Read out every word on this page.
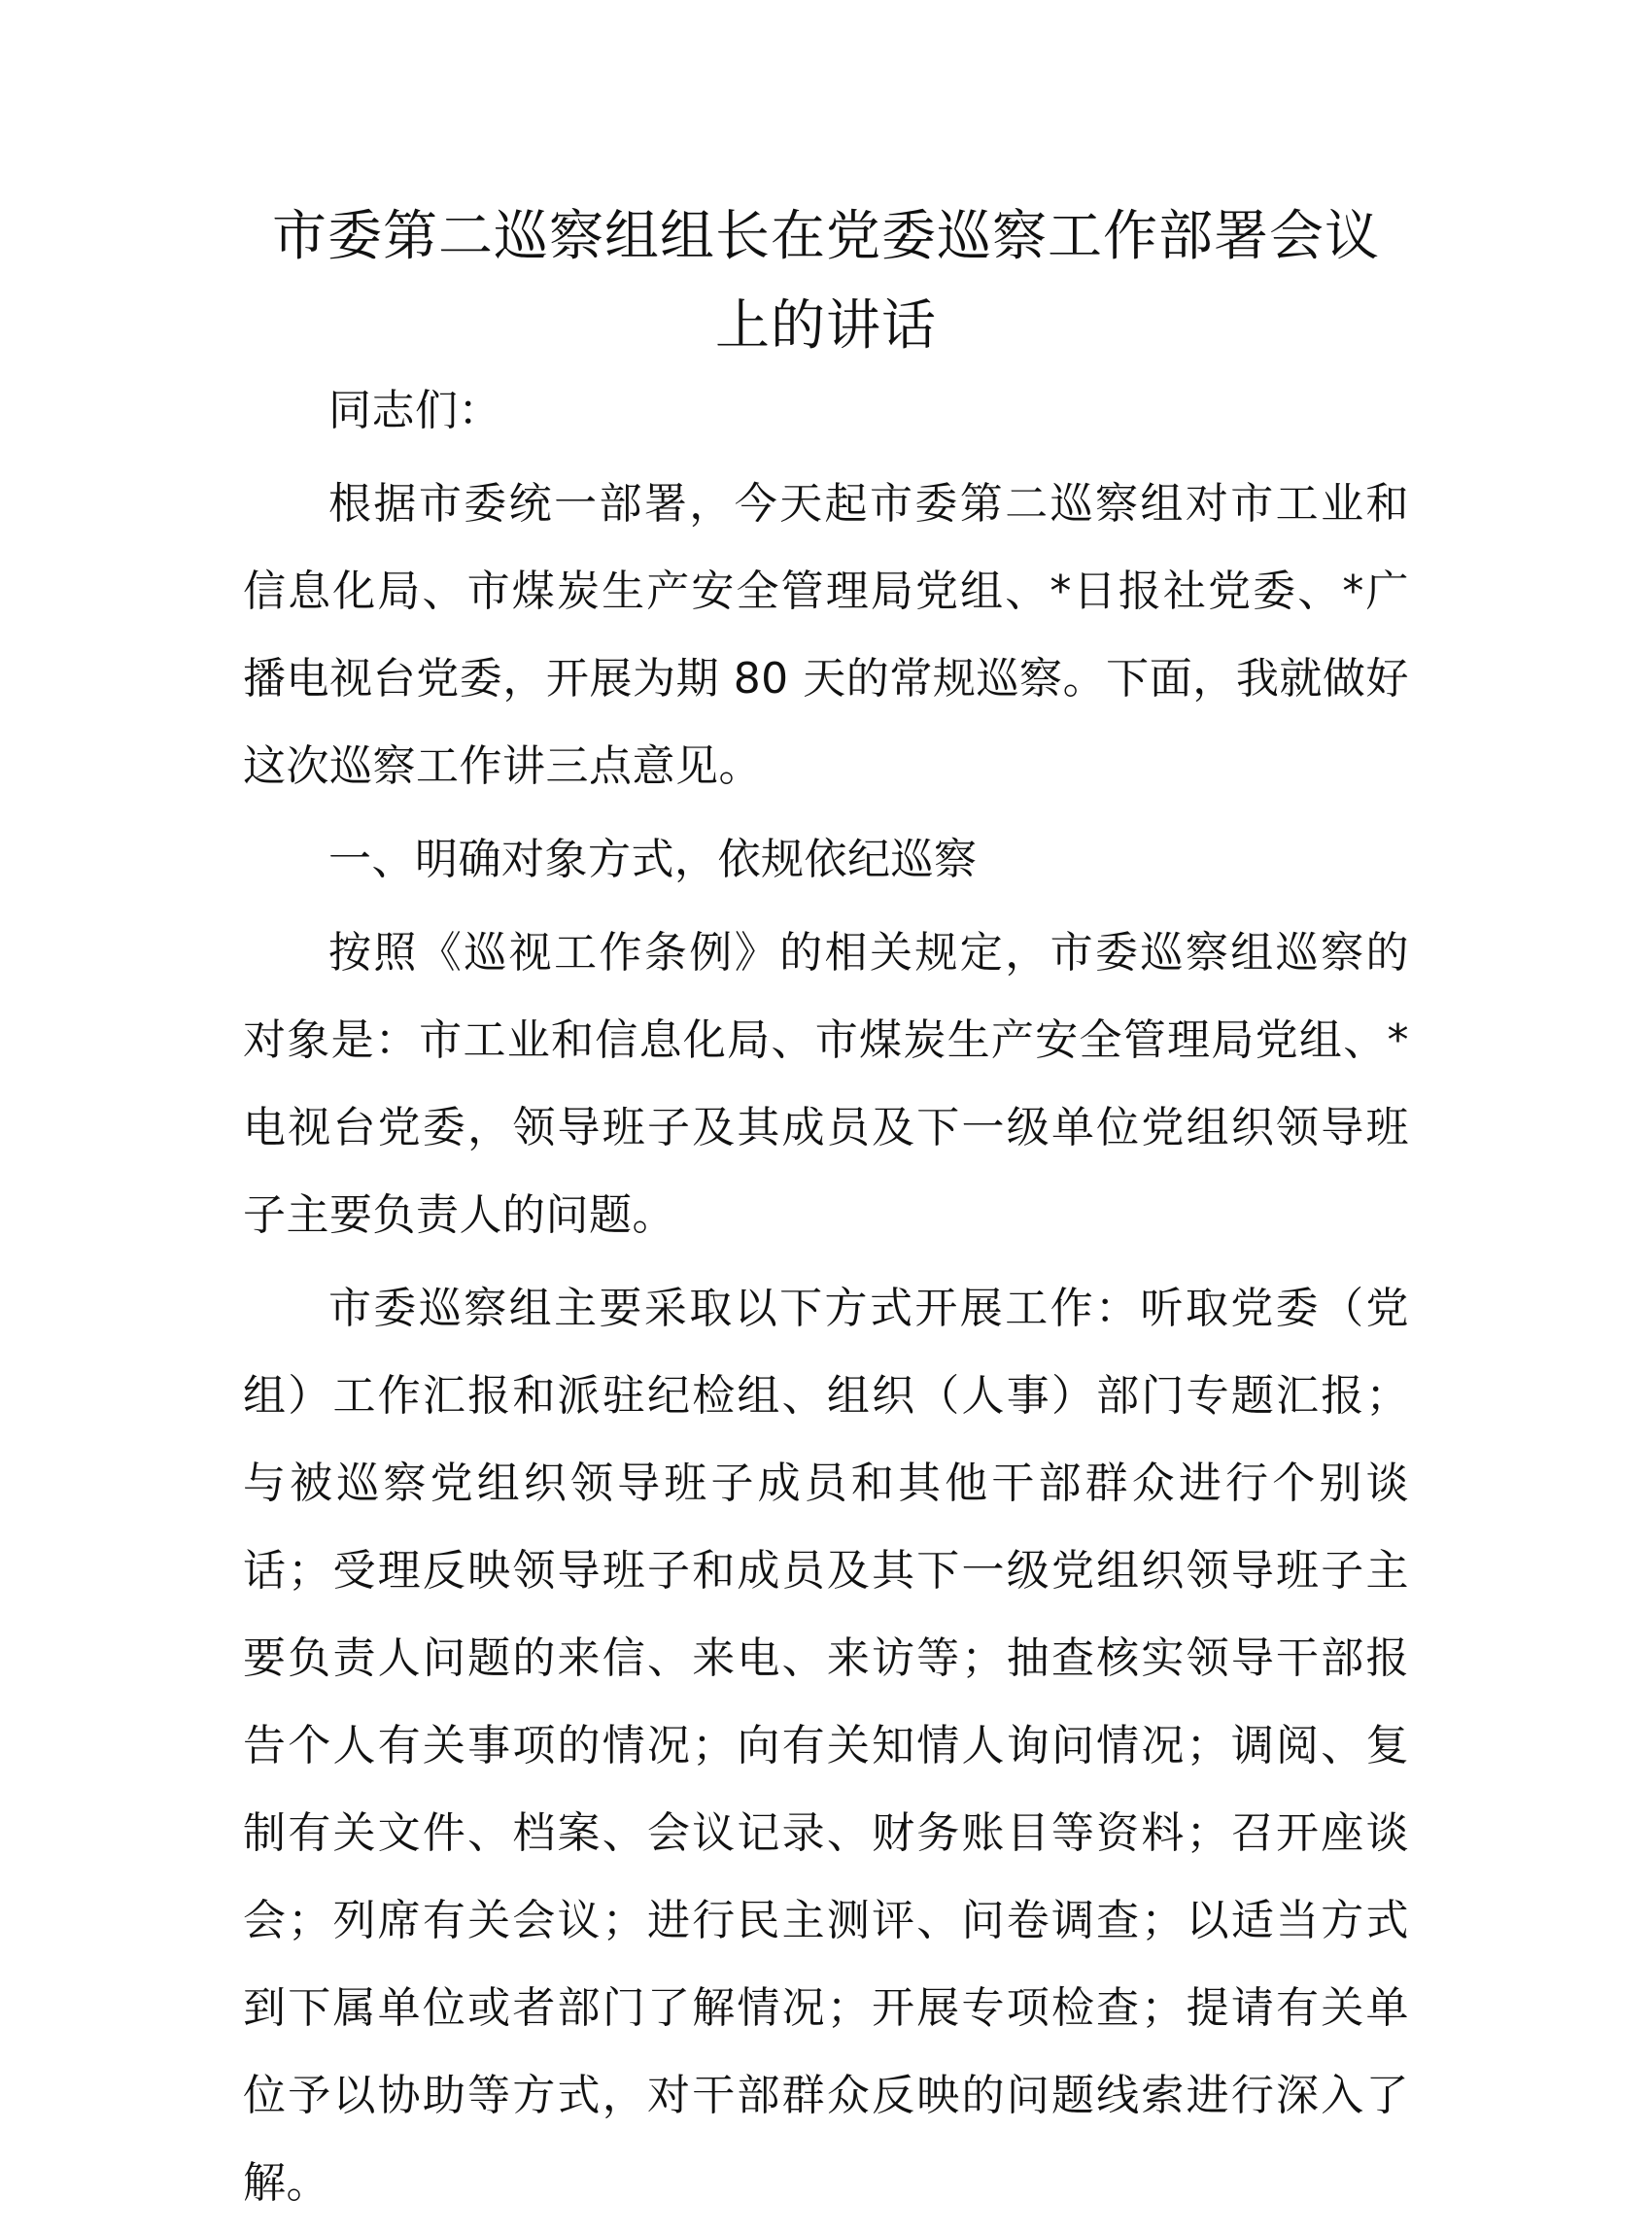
市委第二巡察组组长在党委巡察工作部署会议
上的讲话

同志们：

根据市委统一部署，今天起市委第二巡察组对市工业和信息化局、市煤炭生产安全管理局党组、*日报社党委、*广播电视台党委，开展为期 80 天的常规巡察。下面，我就做好这次巡察工作讲三点意见。

一、明确对象方式，依规依纪巡察

按照《巡视工作条例》的相关规定，市委巡察组巡察的对象是：市工业和信息化局、市煤炭生产安全管理局党组、*电视台党委，领导班子及其成员及下一级单位党组织领导班子主要负责人的问题。

市委巡察组主要采取以下方式开展工作：听取党委（党组）工作汇报和派驻纪检组、组织（人事）部门专题汇报；与被巡察党组织领导班子成员和其他干部群众进行个别谈话；受理反映领导班子和成员及其下一级党组织领导班子主要负责人问题的来信、来电、来访等；抽查核实领导干部报告个人有关事项的情况；向有关知情人询问情况；调阅、复制有关文件、档案、会议记录、财务账目等资料；召开座谈会；列席有关会议；进行民主测评、问卷调查；以适当方式到下属单位或者部门了解情况；开展专项检查；提请有关单位予以协助等方式，对干部群众反映的问题线索进行深入了解。
